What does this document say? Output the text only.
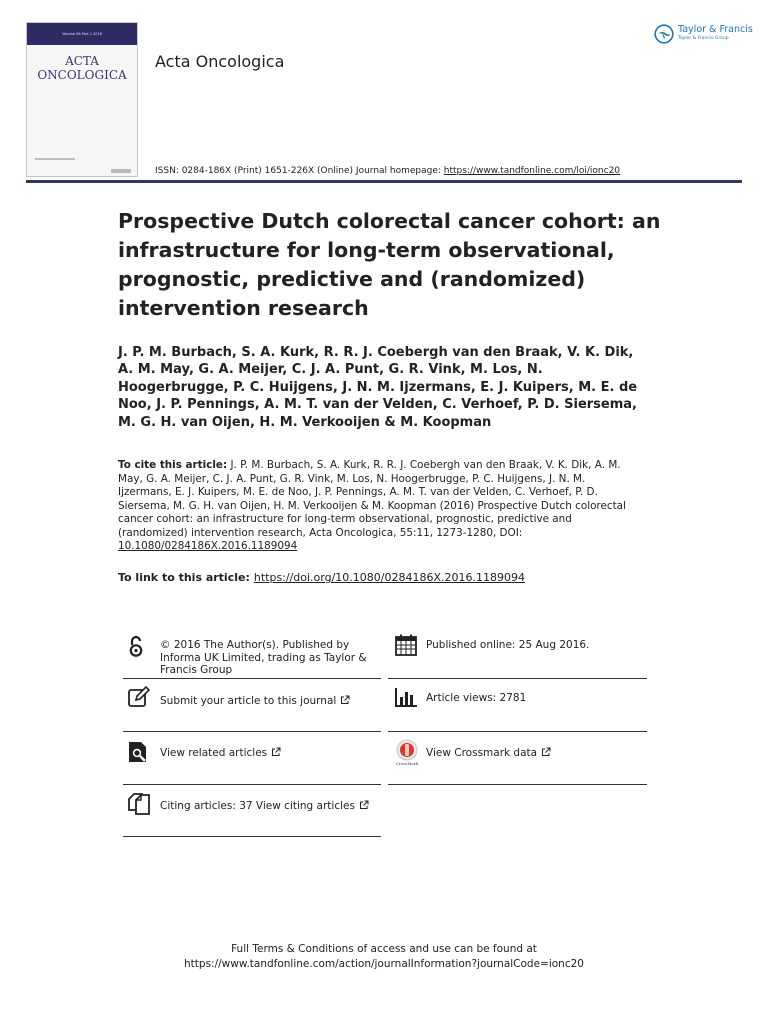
Volume 56 Part 1 2016
ACTA
ONCOLOGICA
Acta Oncologica
Taylor & Francis
Taylor & Francis Group
ISSN: 0284-186X (Print) 1651-226X (Online) Journal homepage: https://www.tandfonline.com/loi/ionc20
Prospective Dutch colorectal cancer cohort: an infrastructure for long-term observational, prognostic, predictive and (randomized) intervention research
J. P. M. Burbach, S. A. Kurk, R. R. J. Coebergh van den Braak, V. K. Dik, A. M. May, G. A. Meijer, C. J. A. Punt, G. R. Vink, M. Los, N. Hoogerbrugge, P. C. Huijgens, J. N. M. Ijzermans, E. J. Kuipers, M. E. de Noo, J. P. Pennings, A. M. T. van der Velden, C. Verhoef, P. D. Siersema, M. G. H. van Oijen, H. M. Verkooijen & M. Koopman
To cite this article: J. P. M. Burbach, S. A. Kurk, R. R. J. Coebergh van den Braak, V. K. Dik, A. M. May, G. A. Meijer, C. J. A. Punt, G. R. Vink, M. Los, N. Hoogerbrugge, P. C. Huijgens, J. N. M. Ijzermans, E. J. Kuipers, M. E. de Noo, J. P. Pennings, A. M. T. van der Velden, C. Verhoef, P. D. Siersema, M. G. H. van Oijen, H. M. Verkooijen & M. Koopman (2016) Prospective Dutch colorectal cancer cohort: an infrastructure for long-term observational, prognostic, predictive and (randomized) intervention research, Acta Oncologica, 55:11, 1273-1280, DOI: 10.1080/0284186X.2016.1189094
To link to this article: https://doi.org/10.1080/0284186X.2016.1189094
© 2016 The Author(s). Published by Informa UK Limited, trading as Taylor & Francis Group
Published online: 25 Aug 2016.
Submit your article to this journal	Article views: 2781
View related articles
CrossMark
View Crossmark data
Citing articles: 37 View citing articles
Full Terms & Conditions of access and use can be found at
https://www.tandfonline.com/action/journalInformation?journalCode=ionc20
